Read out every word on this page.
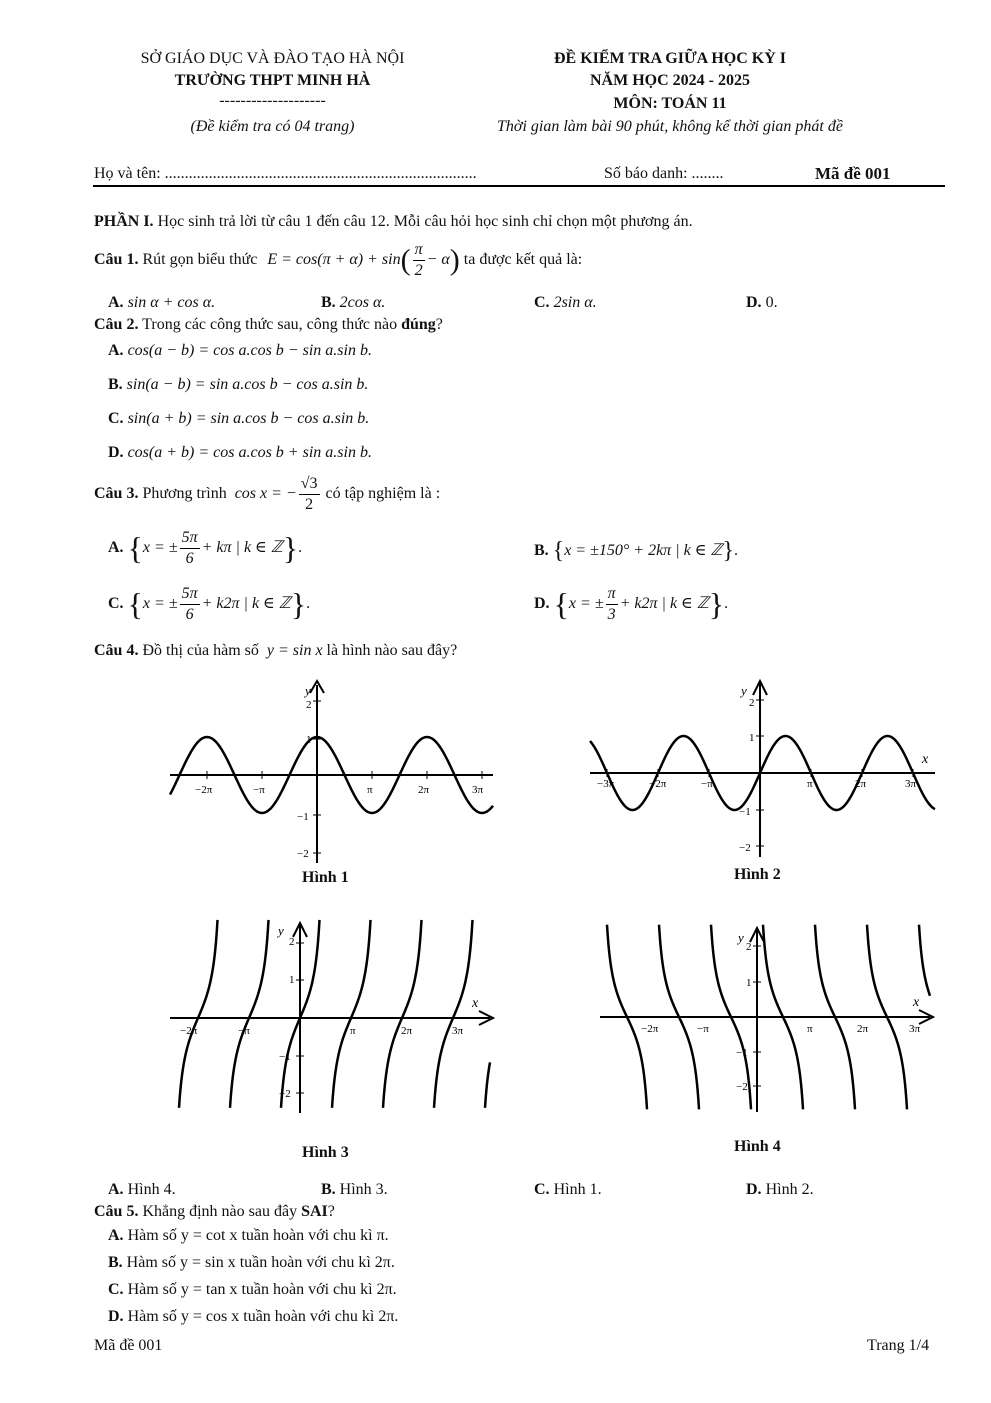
SỞ GIÁO DỤC VÀ ĐÀO TẠO HÀ NỘI
TRƯỜNG THPT MINH HÀ
--------------------
(Đề kiểm tra có 04 trang)
ĐỀ KIỂM TRA GIỮA HỌC KỲ I
NĂM HỌC 2024 - 2025
MÔN: TOÁN 11
Thời gian làm bài 90 phút, không kể thời gian phát đề
Họ và tên: ..............................................................................	Số báo danh: ........	Mã đề 001
PHẦN I. Học sinh trả lời từ câu 1 đến câu 12. Mỗi câu hỏi học sinh chỉ chọn một phương án.
Câu 1. Rút gọn biểu thức $E = \cos(\pi + \alpha) + \sin( \frac{\pi}{2} - \alpha)$ ta được kết quả là:
A. sin α + cos α.	B. 2cos α.	C. 2sin α.	D. 0.
Câu 2. Trong các công thức sau, công thức nào đúng?
A. cos(a − b) = cos a.cos b − sin a.sin b.
B. sin(a − b) = sin a.cos b − cos a.sin b.
C. sin(a + b) = sin a.cos b − cos a.sin b.
D. cos(a + b) = cos a.cos b + sin a.sin b.
Câu 3. Phương trình cos x = − $\frac{√3}{2}$ có tập nghiệm là :
A. {x = ± $\frac{5\pi}{6} + k\pi$ | k ∈ ℤ}.	B. {x = ±150° + 2kπ | k ∈ ℤ}.
C. {x = ± $\frac{5\pi}{6} + k2\pi$ | k ∈ ℤ}.	D. {x = ± $\frac{\pi}{3} + k2\pi$ | k ∈ ℤ}.
Câu 4. Đồ thị của hàm số y = sin x là hình nào sau đây?
y
2
1
−1
−2
−2π	−π	π	2π	3π
Hình 1
y
2
1
−1
−2
x
−3π	−2π	−π	π	2π	3π
Hình 2
y
2
1
−1
−2
x
−2π	−π	π	2π	3π
Hình 3
y
2
1
−1
−2
x
−2π	−π	π	2π	3π
Hình 4
A. Hình 4.	B. Hình 3.	C. Hình 1.	D. Hình 2.
Câu 5. Khẳng định nào sau đây SAI?
A. Hàm số y = cot x tuần hoàn với chu kì π.
B. Hàm số y = sin x tuần hoàn với chu kì 2π.
C. Hàm số y = tan x tuần hoàn với chu kì 2π.
D. Hàm số y = cos x tuần hoàn với chu kì 2π.
Mã đề 001	Trang 1/4
